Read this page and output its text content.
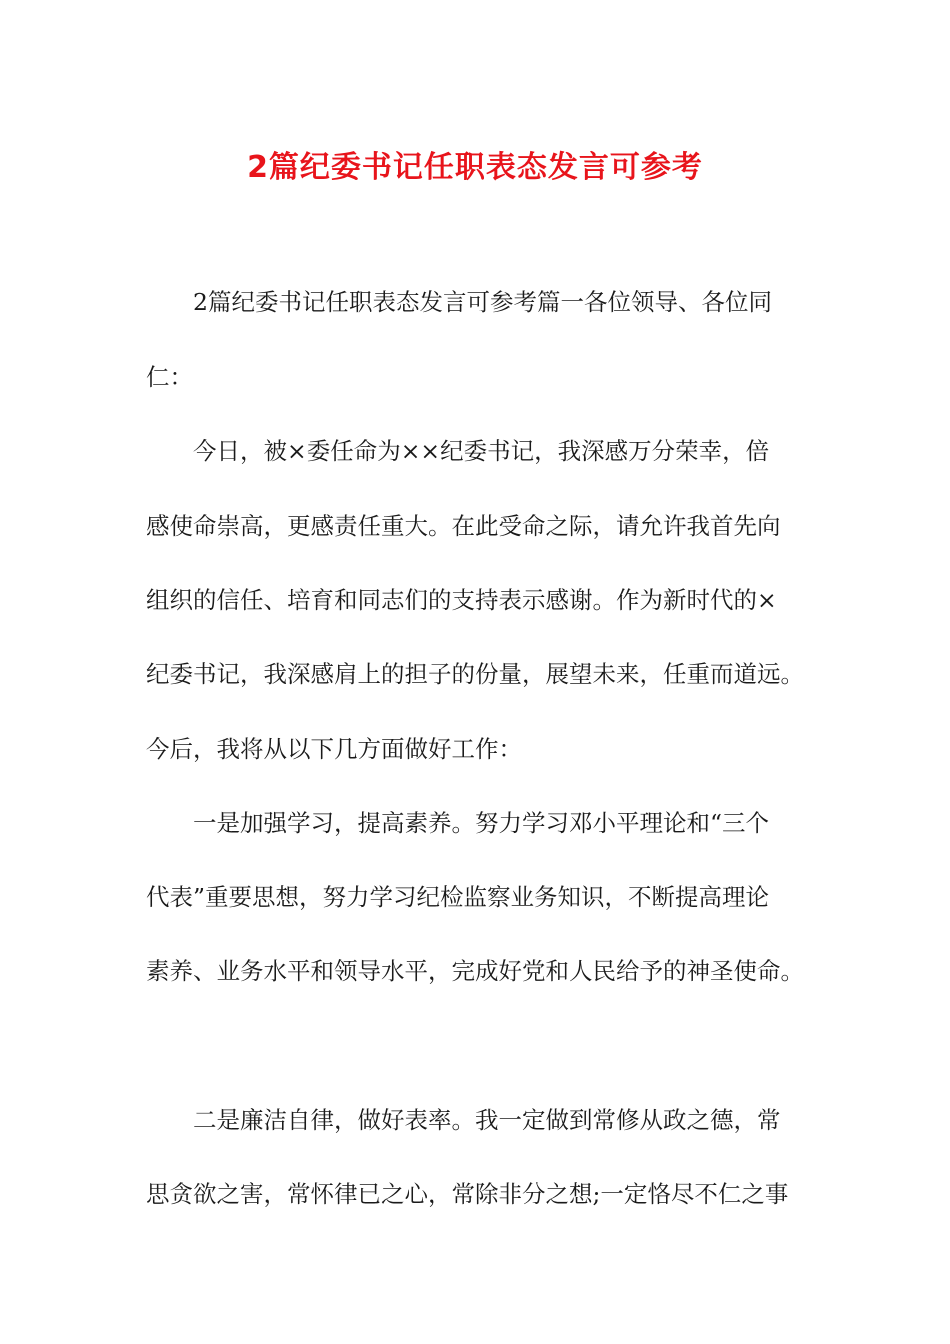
2篇纪委书记任职表态发言可参考
2篇纪委书记任职表态发言可参考篇一各位领导、各位同
仁：
今日，被×委任命为××纪委书记，我深感万分荣幸，倍
感使命崇高，更感责任重大。在此受命之际，请允许我首先向
组织的信任、培育和同志们的支持表示感谢。作为新时代的×
纪委书记，我深感肩上的担子的份量，展望未来，任重而道远。
今后，我将从以下几方面做好工作：
一是加强学习，提高素养。努力学习邓小平理论和“三个
代表”重要思想，努力学习纪检监察业务知识，不断提高理论
素养、业务水平和领导水平，完成好党和人民给予的神圣使命。
二是廉洁自律，做好表率。我一定做到常修从政之德，常
思贪欲之害，常怀律已之心，常除非分之想;一定恪尽不仁之事
